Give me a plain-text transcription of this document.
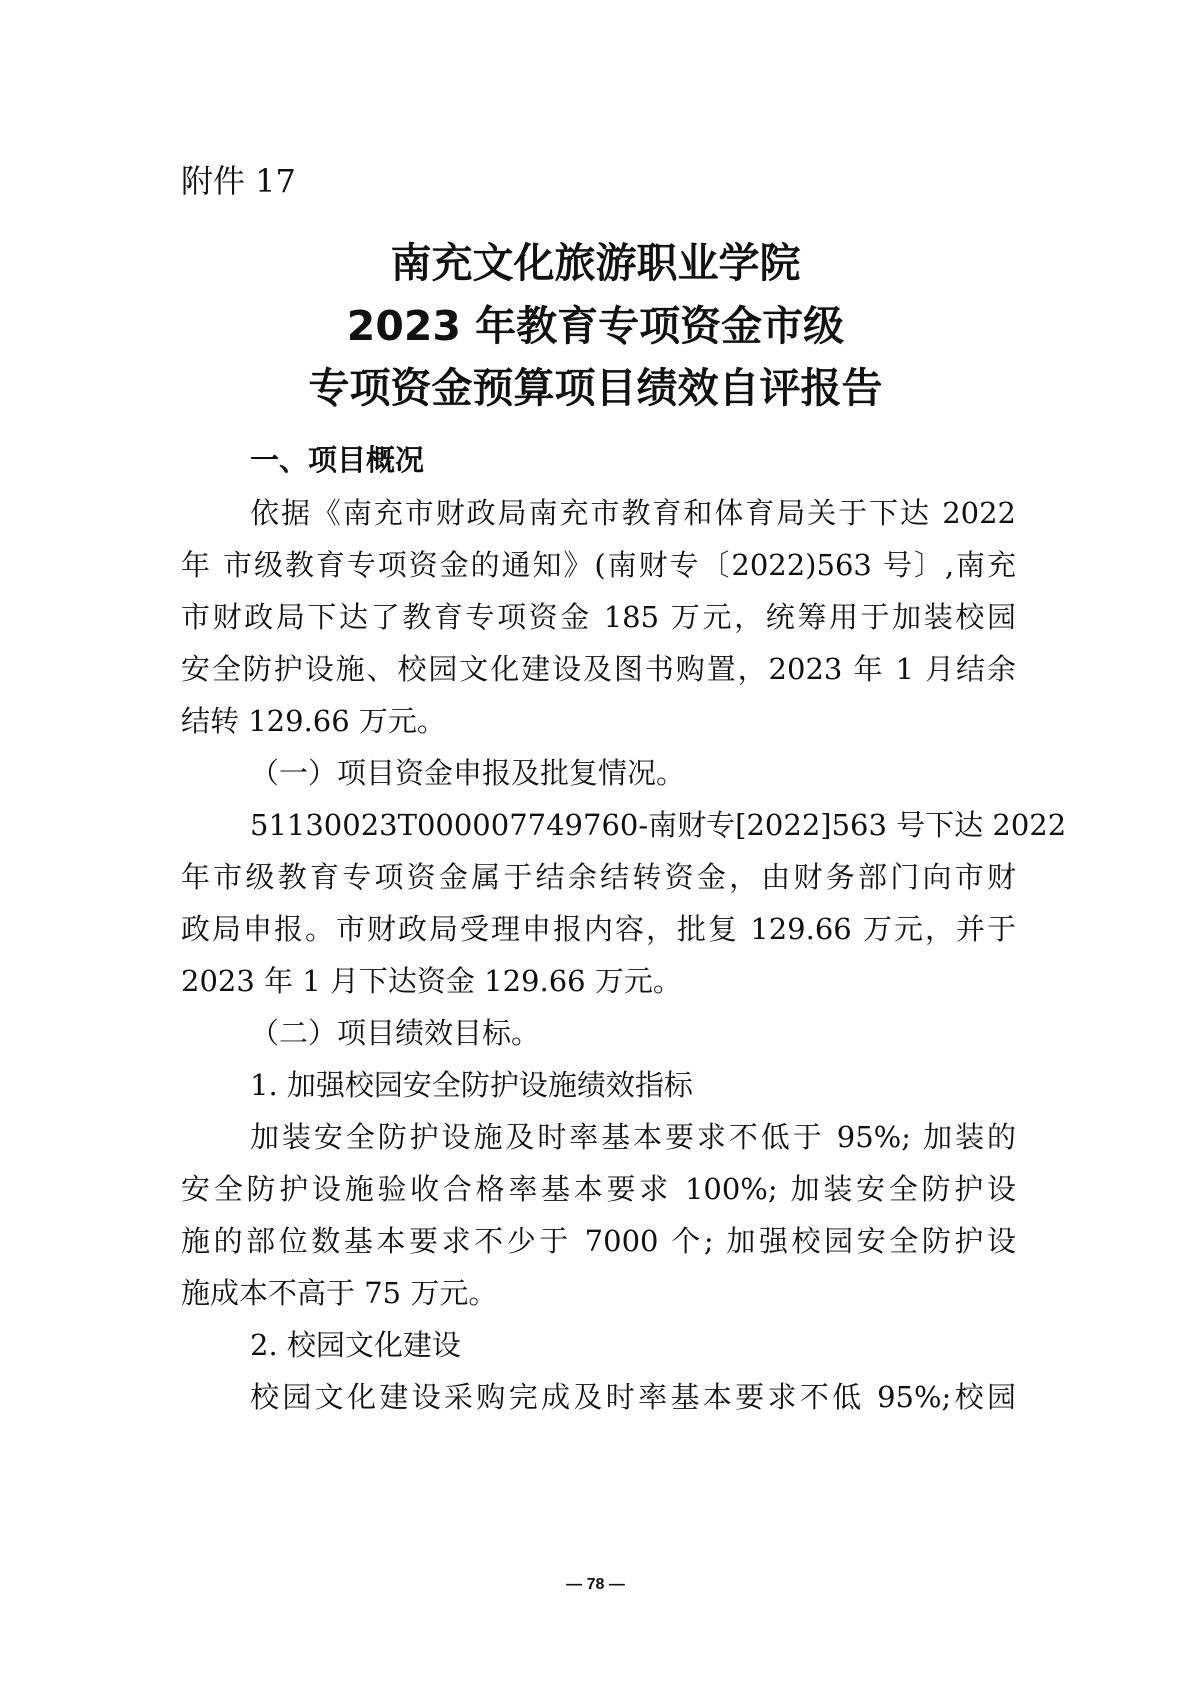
附件 17
南充文化旅游职业学院
2023 年教育专项资金市级
专项资金预算项目绩效自评报告
一、项目概况
依据《南充市财政局南充市教育和体育局关于下达 2022
年 市级教育专项资金的通知》(南财专〔2022)563 号〕,南充
市财政局下达了教育专项资金 185 万元，统筹用于加装校园
安全防护设施、校园文化建设及图书购置，2023 年 1 月结余
结转 129.66 万元。
（一）项目资金申报及批复情况。
51130023T000007749760-南财专[2022]563 号下达 2022
年市级教育专项资金属于结余结转资金，由财务部门向市财
政局申报。市财政局受理申报内容，批复 129.66 万元，并于
2023 年 1 月下达资金 129.66 万元。
（二）项目绩效目标。
1. 加强校园安全防护设施绩效指标
加装安全防护设施及时率基本要求不低于 95%; 加装的
安全防护设施验收合格率基本要求 100%; 加装安全防护设
施的部位数基本要求不少于 7000 个; 加强校园安全防护设
施成本不高于 75 万元。
2. 校园文化建设
校园文化建设采购完成及时率基本要求不低 95%;校园
— 78 —
